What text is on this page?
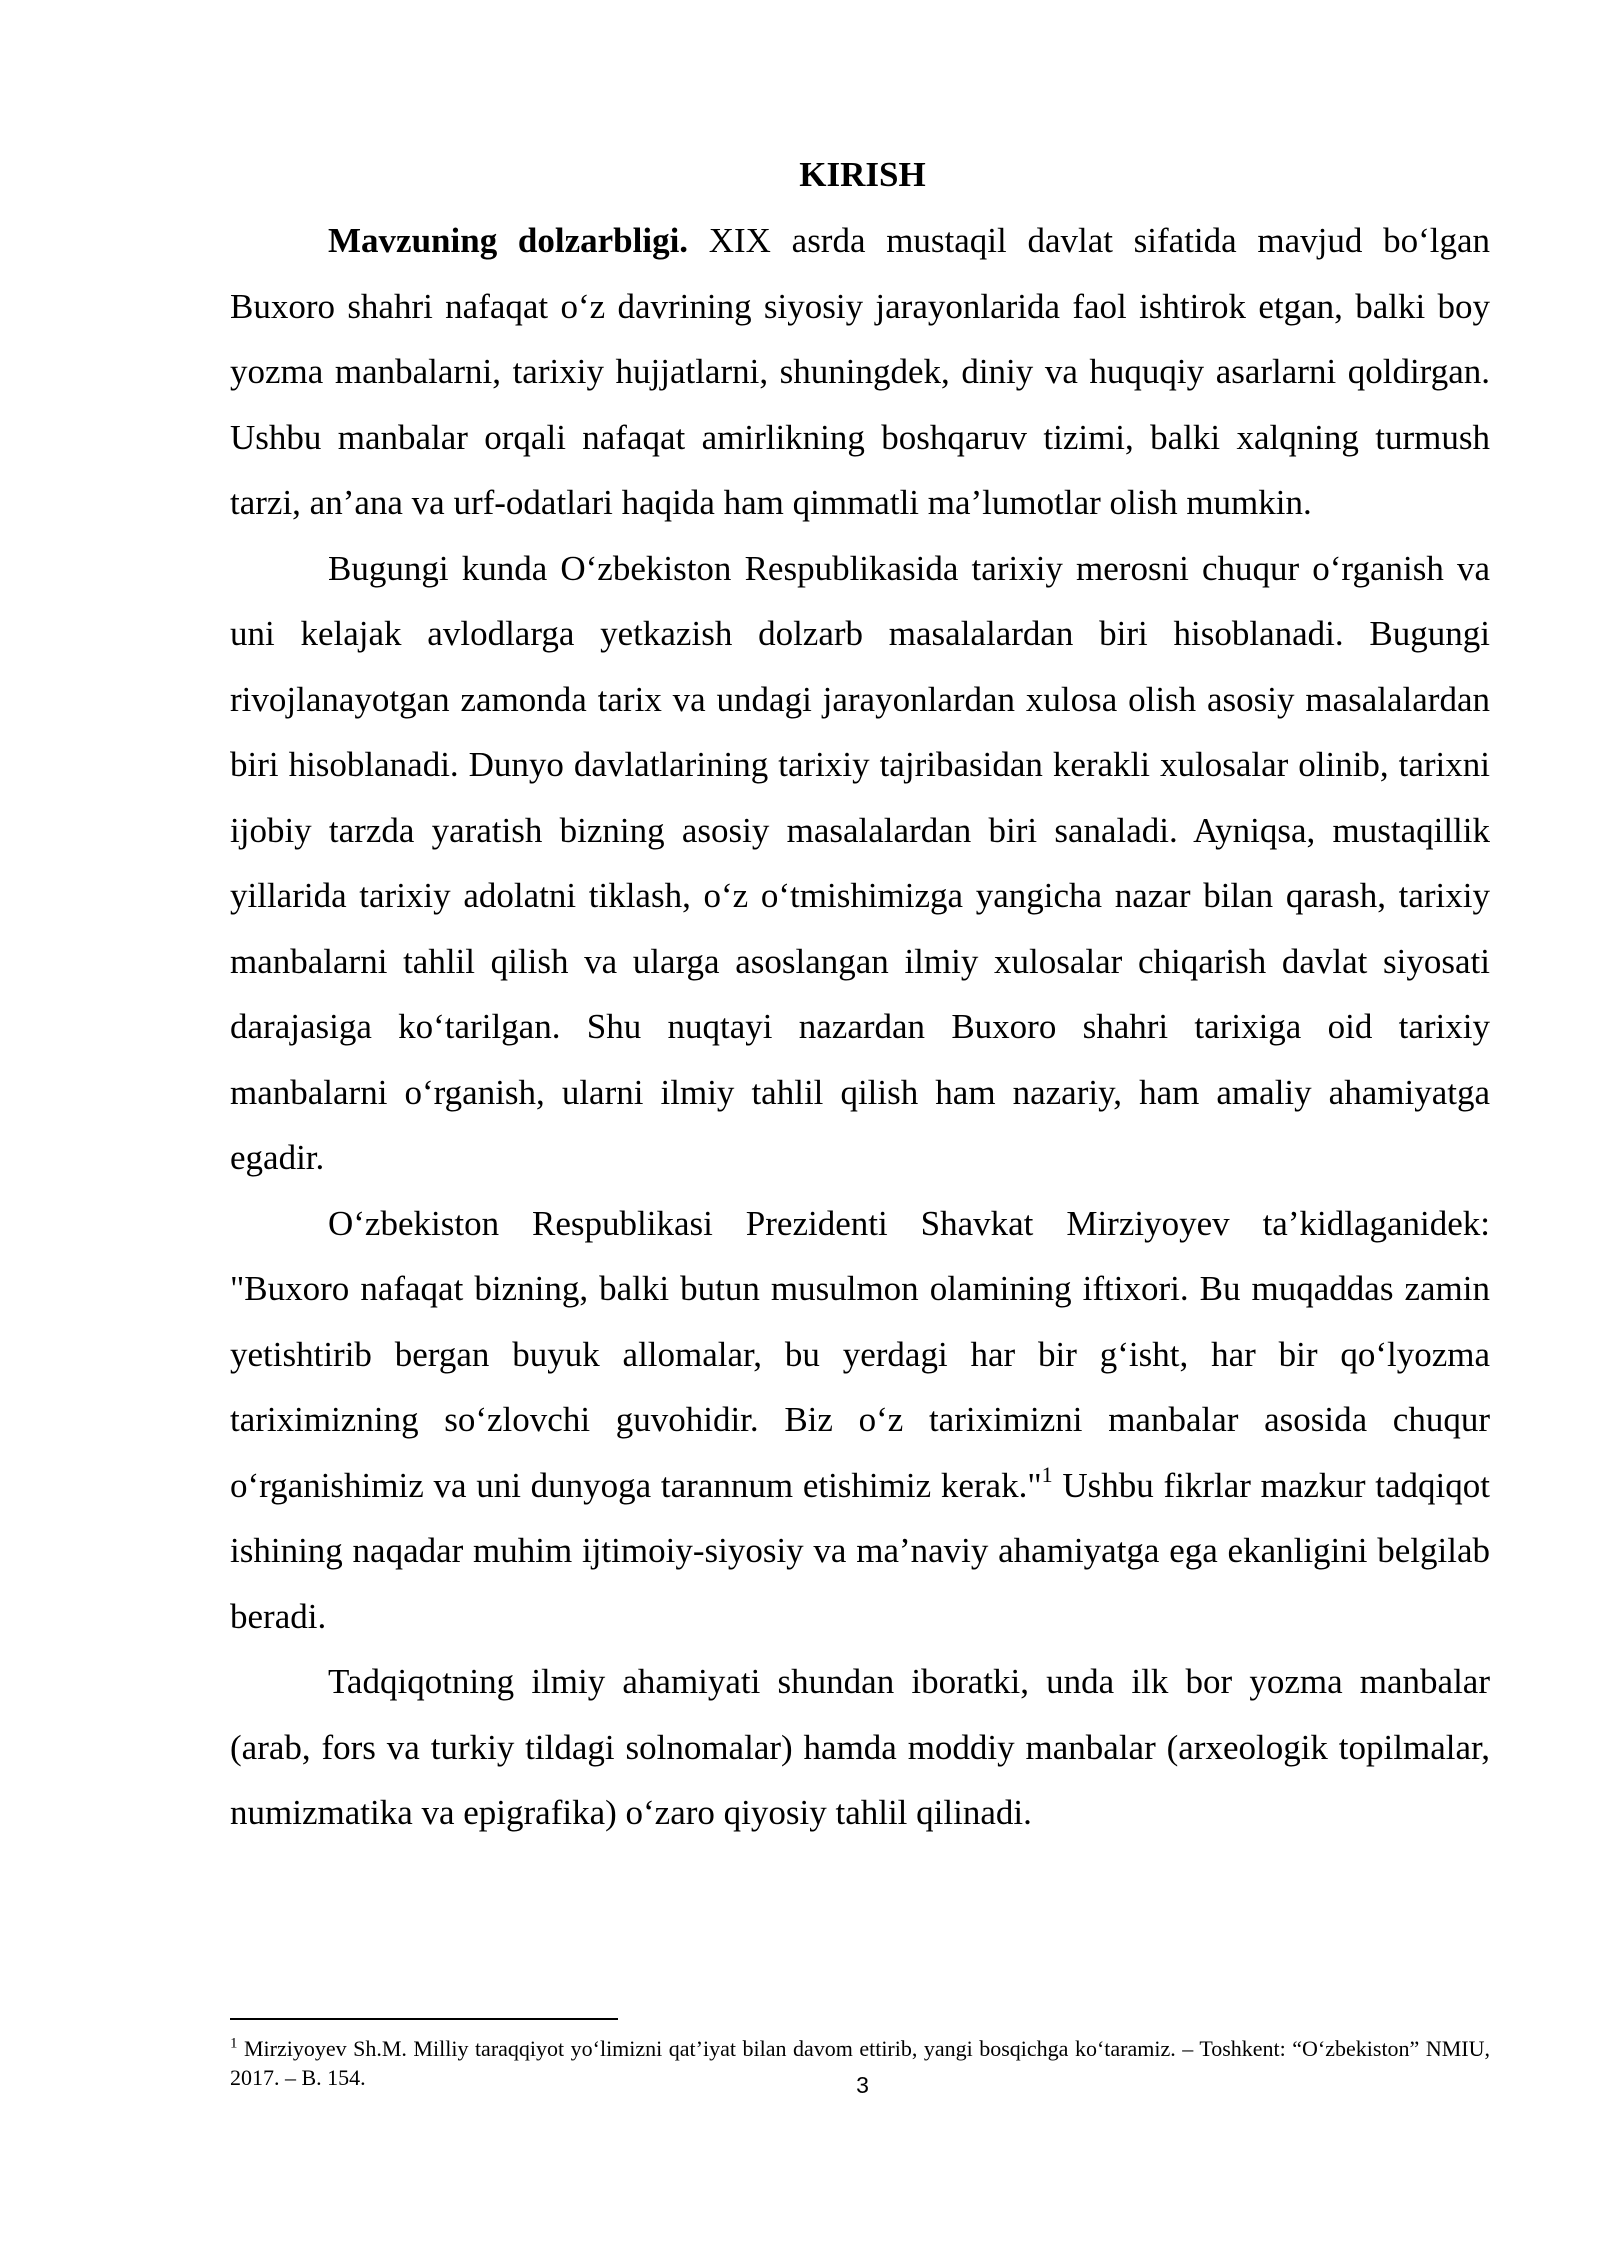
KIRISH

Mavzuning dolzarbligi. XIX asrda mustaqil davlat sifatida mavjud bo‘lgan Buxoro shahri nafaqat o‘z davrining siyosiy jarayonlarida faol ishtirok etgan, balki boy yozma manbalarni, tarixiy hujjatlarni, shuningdek, diniy va huquqiy asarlarni qoldirgan. Ushbu manbalar orqali nafaqat amirlikning boshqaruv tizimi, balki xalqning turmush tarzi, an’ana va urf-odatlari haqida ham qimmatli ma’lumotlar olish mumkin.

Bugungi kunda O‘zbekiston Respublikasida tarixiy merosni chuqur o‘rganish va uni kelajak avlodlarga yetkazish dolzarb masalalardan biri hisoblanadi. Bugungi rivojlanayotgan zamonda tarix va undagi jarayonlardan xulosa olish asosiy masalalardan biri hisoblanadi. Dunyo davlatlarining tarixiy tajribasidan kerakli xulosalar olinib, tarixni ijobiy tarzda yaratish bizning asosiy masalalardan biri sanaladi. Ayniqsa, mustaqillik yillarida tarixiy adolatni tiklash, o‘z o‘tmishimizga yangicha nazar bilan qarash, tarixiy manbalarni tahlil qilish va ularga asoslangan ilmiy xulosalar chiqarish davlat siyosati darajasiga ko‘tarilgan. Shu nuqtayi nazardan Buxoro shahri tarixiga oid tarixiy manbalarni o‘rganish, ularni ilmiy tahlil qilish ham nazariy, ham amaliy ahamiyatga egadir.

O‘zbekiston Respublikasi Prezidenti Shavkat Mirziyoyev ta’kidlaganidek: "Buxoro nafaqat bizning, balki butun musulmon olamining iftixori. Bu muqaddas zamin yetishtirib bergan buyuk allomalar, bu yerdagi har bir g‘isht, har bir qo‘lyozma tariximizning so‘zlovchi guvohidir. Biz o‘z tariximizni manbalar asosida chuqur o‘rganishimiz va uni dunyoga tarannum etishimiz kerak."$^1$ Ushbu fikrlar mazkur tadqiqot ishining naqadar muhim ijtimoiy-siyosiy va ma’naviy ahamiyatga ega ekanligini belgilab beradi.

Tadqiqotning ilmiy ahamiyati shundan iboratki, unda ilk bor yozma manbalar (arab, fors va turkiy tildagi solnomalar) hamda moddiy manbalar (arxeologik topilmalar, numizmatika va epigrafika) o‘zaro qiyosiy tahlil qilinadi.

$^1$ Mirziyoyev Sh.M. Milliy taraqqiyot yo‘limizni qat’iyat bilan davom ettirib, yangi bosqichga ko‘taramiz. – Toshkent: “O‘zbekiston” NMIU, 2017. – B. 154.	3
